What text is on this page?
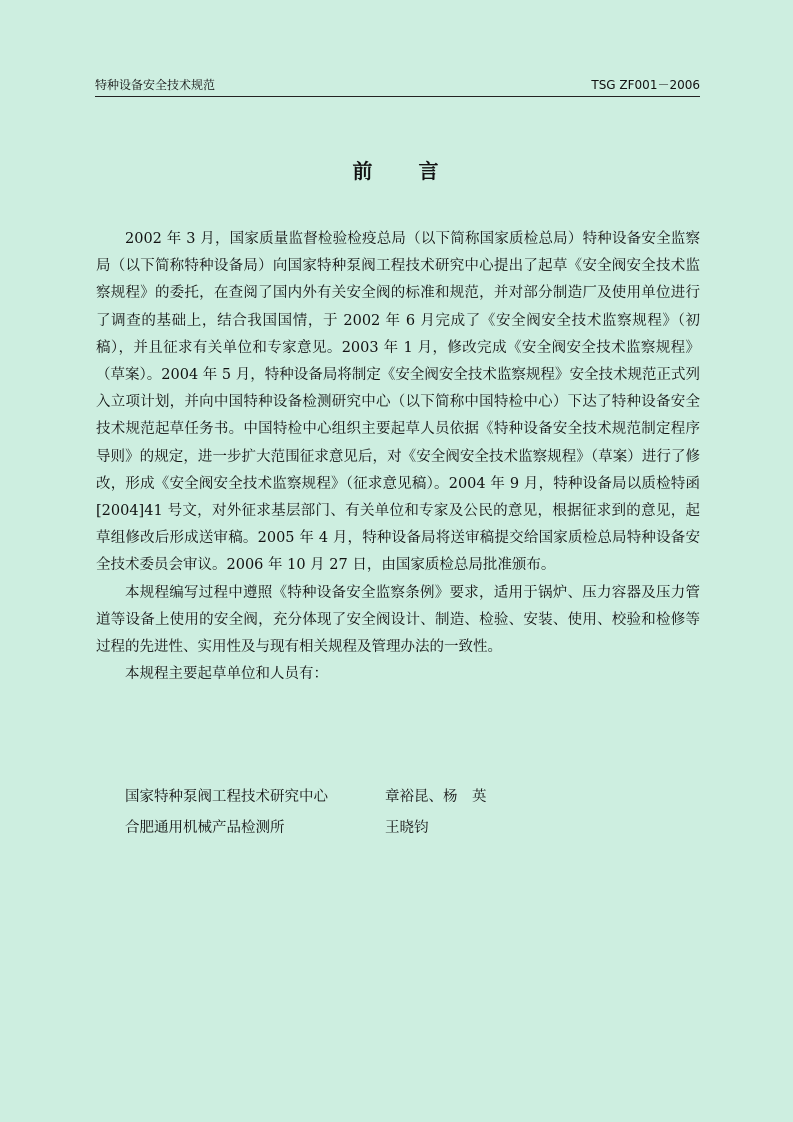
特种设备安全技术规范	TSG ZF001－2006
前　　言

2002 年 3 月，国家质量监督检验检疫总局（以下简称国家质检总局）特种设备安全监察局（以下简称特种设备局）向国家特种泵阀工程技术研究中心提出了起草《安全阀安全技术监察规程》的委托，在查阅了国内外有关安全阀的标准和规范，并对部分制造厂及使用单位进行了调查的基础上，结合我国国情，于 2002 年 6 月完成了《安全阀安全技术监察规程》（初稿），并且征求有关单位和专家意见。2003 年 1 月，修改完成《安全阀安全技术监察规程》（草案）。2004 年 5 月，特种设备局将制定《安全阀安全技术监察规程》安全技术规范正式列入立项计划，并向中国特种设备检测研究中心（以下简称中国特检中心）下达了特种设备安全技术规范起草任务书。中国特检中心组织主要起草人员依据《特种设备安全技术规范制定程序导则》的规定，进一步扩大范围征求意见后，对《安全阀安全技术监察规程》（草案）进行了修改，形成《安全阀安全技术监察规程》（征求意见稿）。2004 年 9 月，特种设备局以质检特函[2004]41 号文，对外征求基层部门、有关单位和专家及公民的意见，根据征求到的意见，起草组修改后形成送审稿。2005 年 4 月，特种设备局将送审稿提交给国家质检总局特种设备安全技术委员会审议。2006 年 10 月 27 日，由国家质检总局批准颁布。

本规程编写过程中遵照《特种设备安全监察条例》要求，适用于锅炉、压力容器及压力管道等设备上使用的安全阀，充分体现了安全阀设计、制造、检验、安装、使用、校验和检修等过程的先进性、实用性及与现有相关规程及管理办法的一致性。

本规程主要起草单位和人员有：

国家特种泵阀工程技术研究中心	章裕昆、杨　英
合肥通用机械产品检测所	王晓钧
